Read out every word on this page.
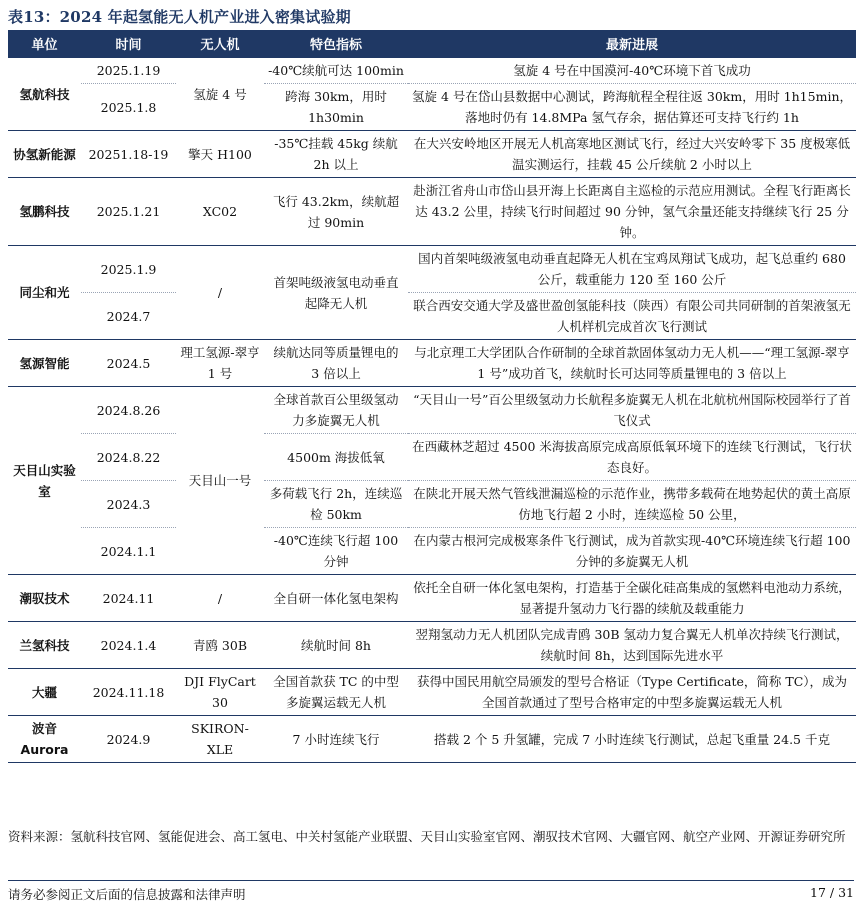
表13：2024 年起氢能无人机产业进入密集试验期
单位	时间	无人机	特色指标	最新进展
氢航科技	2025.1.19	氢旋 4 号	-40℃续航可达 100min	氢旋 4 号在中国漠河-40℃环境下首飞成功
	2025.1.8		跨海 30km，用时 1h30min	氢旋 4 号在岱山县数据中心测试，跨海航程全程往返 30km，用时 1h15min，落地时仍有 14.8MPa 氢气存余，据估算还可支持飞行约 1h
协氢新能源	20251.18-19	擎天 H100	-35℃挂载 45kg 续航 2h 以上	在大兴安岭地区开展无人机高寒地区测试飞行，经过大兴安岭零下 35 度极寒低温实测运行，挂载 45 公斤续航 2 小时以上
氢鹏科技	2025.1.21	XC02	飞行 43.2km，续航超过 90min	赴浙江省舟山市岱山县开海上长距离自主巡检的示范应用测试。全程飞行距离长达 43.2 公里，持续飞行时间超过 90 分钟，氢气余量还能支持继续飞行 25 分钟。
同尘和光	2025.1.9	/	首架吨级液氢电动垂直起降无人机	国内首架吨级液氢电动垂直起降无人机在宝鸡凤翔试飞成功，起飞总重约 680 公斤，载重能力 120 至 160 公斤
	2024.7			联合西安交通大学及盛世盈创氢能科技（陕西）有限公司共同研制的首架液氢无人机样机完成首次飞行测试
氢源智能	2024.5	理工氢源-翠亨 1 号	续航达同等质量锂电的 3 倍以上	与北京理工大学团队合作研制的全球首款固体氢动力无人机——“理工氢源-翠亨 1 号”成功首飞，续航时长可达同等质量锂电的 3 倍以上
天目山实验室	2024.8.26	天目山一号	全球首款百公里级氢动力多旋翼无人机	“天目山一号”百公里级氢动力长航程多旋翼无人机在北航杭州国际校园举行了首飞仪式
	2024.8.22		4500m 海拔低氧	在西藏林芝超过 4500 米海拔高原完成高原低氧环境下的连续飞行测试，飞行状态良好。
	2024.3		多荷载飞行 2h，连续巡检 50km	在陕北开展天然气管线泄漏巡检的示范作业，携带多载荷在地势起伏的黄土高原仿地飞行超 2 小时，连续巡检 50 公里，
	2024.1.1		-40℃连续飞行超 100 分钟	在内蒙古根河完成极寒条件飞行测试，成为首款实现-40℃环境连续飞行超 100 分钟的多旋翼无人机
潮驭技术	2024.11	/	全自研一体化氢电架构	依托全自研一体化氢电架构，打造基于全碳化硅高集成的氢燃料电池动力系统，显著提升氢动力飞行器的续航及载重能力
兰氢科技	2024.1.4	青鸥 30B	续航时间 8h	翌翔氢动力无人机团队完成青鸥 30B 氢动力复合翼无人机单次持续飞行测试，续航时间 8h，达到国际先进水平
大疆	2024.11.18	DJI FlyCart 30	全国首款获 TC 的中型多旋翼运载无人机	获得中国民用航空局颁发的型号合格证（Type Certificate，简称 TC），成为全国首款通过了型号合格审定的中型多旋翼运载无人机
波音 Aurora	2024.9	SKIRON-XLE	7 小时连续飞行	搭载 2 个 5 升氢罐，完成 7 小时连续飞行测试，总起飞重量 24.5 千克
资料来源：氢航科技官网、氢能促进会、高工氢电、中关村氢能产业联盟、天目山实验室官网、潮驭技术官网、大疆官网、航空产业网、开源证券研究所
请务必参阅正文后面的信息披露和法律声明	17 / 31
